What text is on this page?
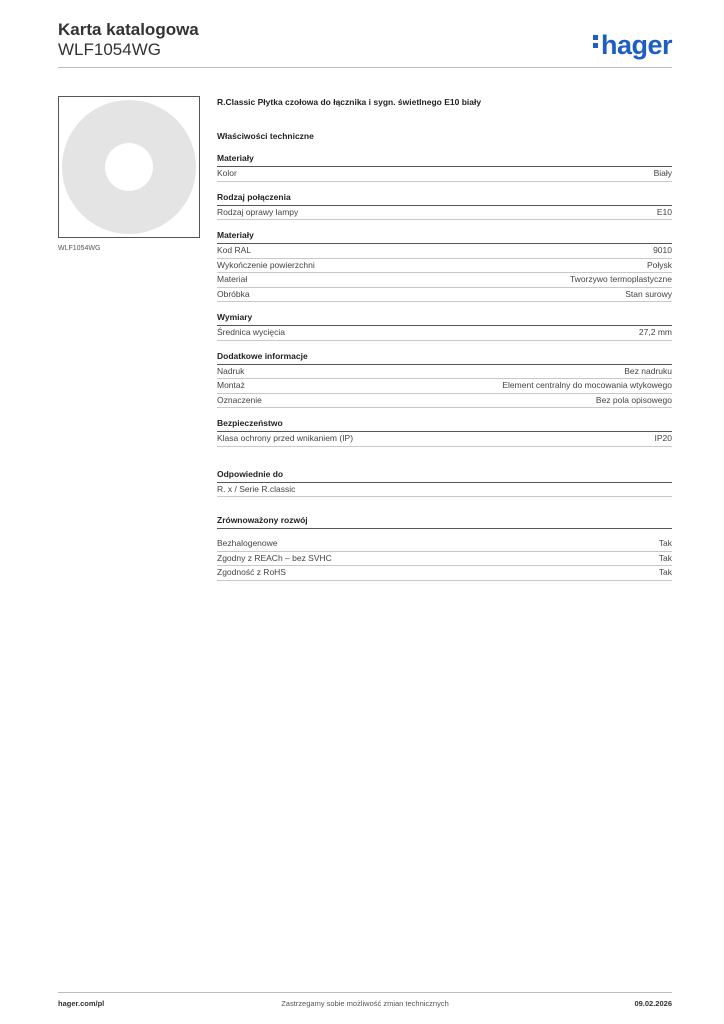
Karta katalogowa
WLF1054WG	hager
WLF1054WG
R.Classic Płytka czołowa do łącznika i sygn. świetlnego E10 biały
Właściwości techniczne
Materiały
Kolor	Biały
Rodzaj połączenia
Rodzaj oprawy lampy	E10
Materiały
Kod RAL	9010
Wykończenie powierzchni	Połysk
Materiał	Tworzywo termoplastyczne
Obróbka	Stan surowy
Wymiary
Średnica wycięcia	27,2 mm
Dodatkowe informacje
Nadruk	Bez nadruku
Montaż	Element centralny do mocowania wtykowego
Oznaczenie	Bez pola opisowego
Bezpieczeństwo
Klasa ochrony przed wnikaniem (IP)	IP20
Odpowiednie do
R. x / Serie R.classic
Zrównoważony rozwój
Bezhalogenowe	Tak
Zgodny z REACh – bez SVHC	Tak
Zgodność z RoHS	Tak
hager.com/pl	Zastrzegamy sobie możliwość zmian technicznych	09.02.2026
